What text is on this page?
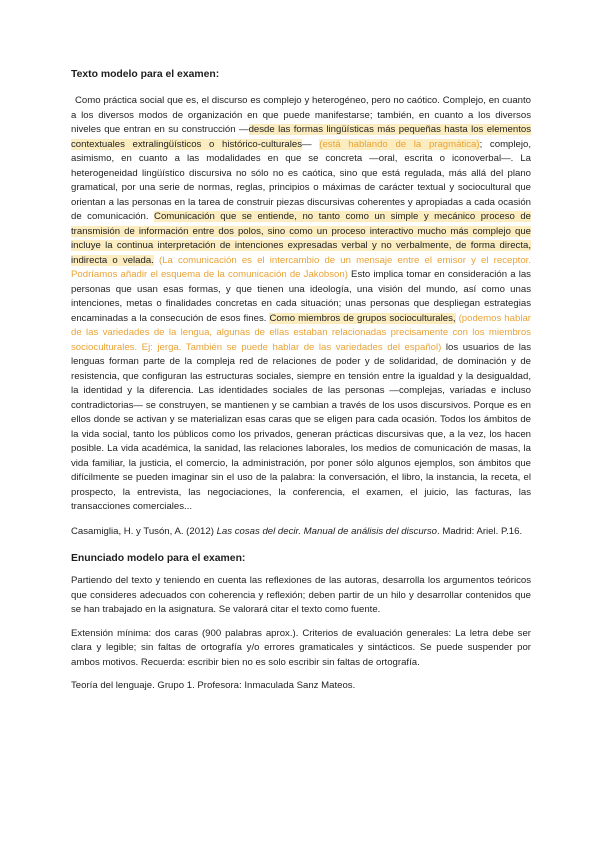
Texto modelo para el examen:

Como práctica social que es, el discurso es complejo y heterogéneo, pero no caótico. Complejo, en cuanto a los diversos modos de organización en que puede manifestarse; también, en cuanto a los diversos niveles que entran en su construcción —desde las formas lingüísticas más pequeñas hasta los elementos contextuales extralingüísticos o histórico-culturales— (está hablando de la pragmática); complejo, asimismo, en cuanto a las modalidades en que se concreta —oral, escrita o iconoverbal—. La heterogeneidad lingüístico discursiva no sólo no es caótica, sino que está regulada, más allá del plano gramatical, por una serie de normas, reglas, principios o máximas de carácter textual y sociocultural que orientan a las personas en la tarea de construir piezas discursivas coherentes y apropiadas a cada ocasión de comunicación. Comunicación que se entiende, no tanto como un simple y mecánico proceso de transmisión de información entre dos polos, sino como un proceso interactivo mucho más complejo que incluye la continua interpretación de intenciones expresadas verbal y no verbalmente, de forma directa, indirecta o velada. (La comunicación es el intercambio de un mensaje entre el emisor y el receptor. Podríamos añadir el esquema de la comunicación de Jakobson) Esto implica tomar en consideración a las personas que usan esas formas, y que tienen una ideología, una visión del mundo, así como unas intenciones, metas o finalidades concretas en cada situación; unas personas que despliegan estrategias encaminadas a la consecución de esos fines. Como miembros de grupos socioculturales, (podemos hablar de las variedades de la lengua, algunas de ellas estaban relacionadas precisamente con los miembros socioculturales. Ej: jerga. También se puede hablar de las variedades del español) los usuarios de las lenguas forman parte de la compleja red de relaciones de poder y de solidaridad, de dominación y de resistencia, que configuran las estructuras sociales, siempre en tensión entre la igualdad y la desigualdad, la identidad y la diferencia. Las identidades sociales de las personas —complejas, variadas e incluso contradictorias— se construyen, se mantienen y se cambian a través de los usos discursivos. Porque es en ellos donde se activan y se materializan esas caras que se eligen para cada ocasión. Todos los ámbitos de la vida social, tanto los públicos como los privados, generan prácticas discursivas que, a la vez, los hacen posible. La vida académica, la sanidad, las relaciones laborales, los medios de comunicación de masas, la vida familiar, la justicia, el comercio, la administración, por poner sólo algunos ejemplos, son ámbitos que difícilmente se pueden imaginar sin el uso de la palabra: la conversación, el libro, la instancia, la receta, el prospecto, la entrevista, las negociaciones, la conferencia, el examen, el juicio, las facturas, las transacciones comerciales...

Casamiglia, H. y Tusón, A. (2012) Las cosas del decir. Manual de análisis del discurso. Madrid: Ariel. P.16.

Enunciado modelo para el examen:

Partiendo del texto y teniendo en cuenta las reflexiones de las autoras, desarrolla los argumentos teóricos que consideres adecuados con coherencia y reflexión; deben partir de un hilo y desarrollar contenidos que se han trabajado en la asignatura. Se valorará citar el texto como fuente.

Extensión mínima: dos caras (900 palabras aprox.). Criterios de evaluación generales: La letra debe ser clara y legible; sin faltas de ortografía y/o errores gramaticales y sintácticos. Se puede suspender por ambos motivos. Recuerda: escribir bien no es solo escribir sin faltas de ortografía.

Teoría del lenguaje. Grupo 1. Profesora: Inmaculada Sanz Mateos.
